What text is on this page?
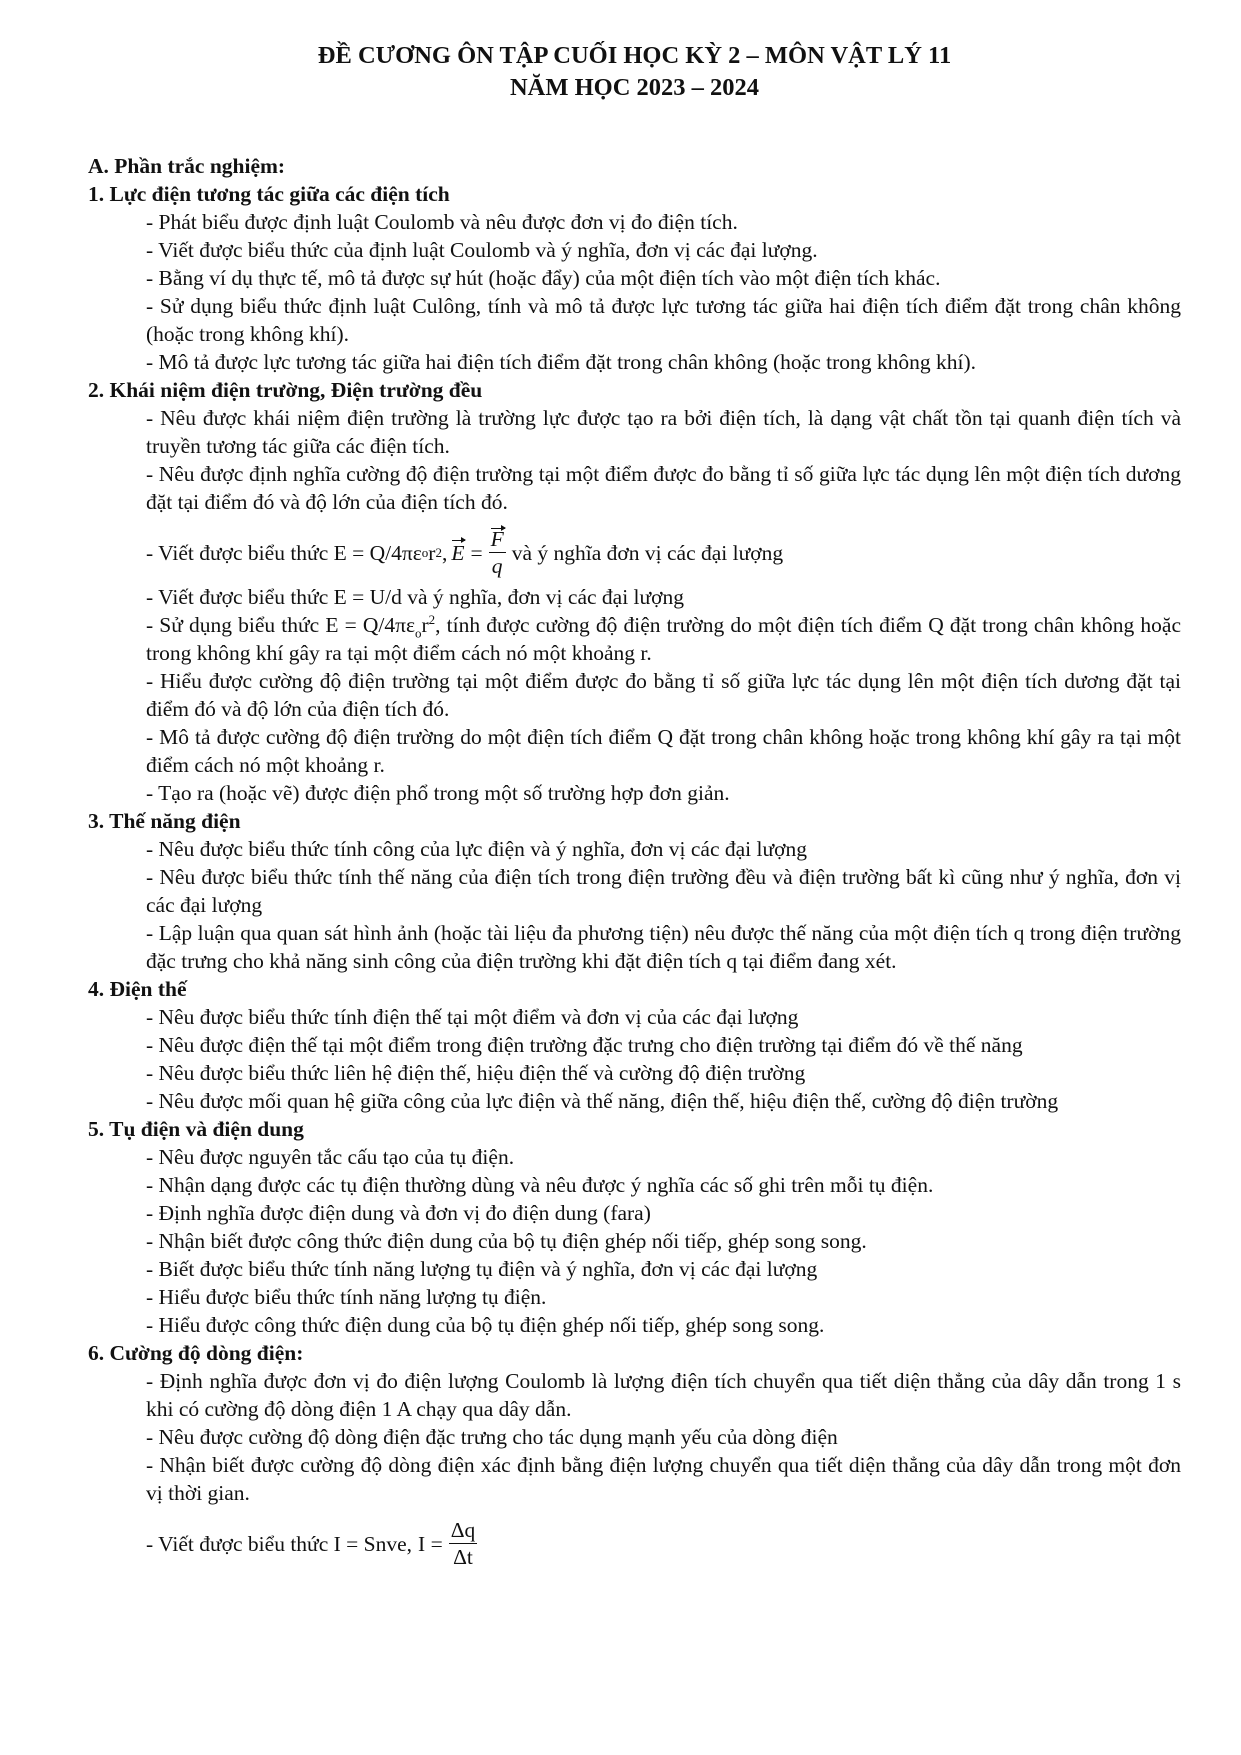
ĐỀ CƯƠNG ÔN TẬP CUỐI HỌC KỲ 2 – MÔN VẬT LÝ 11

NĂM HỌC 2023 – 2024

A. Phần trắc nghiệm:

1. Lực điện tương tác giữa các điện tích

- Phát biểu được định luật Coulomb và nêu được đơn vị đo điện tích.

- Viết được biểu thức của định luật Coulomb và ý nghĩa, đơn vị các đại lượng.

- Bằng ví dụ thực tế, mô tả được sự hút (hoặc đẩy) của một điện tích vào một điện tích khác.

- Sử dụng biểu thức định luật Culông, tính và mô tả được lực tương tác giữa hai điện tích điểm đặt trong chân không (hoặc trong không khí).

- Mô tả được lực tương tác giữa hai điện tích điểm đặt trong chân không (hoặc trong không khí).

2. Khái niệm điện trường, Điện trường đều

- Nêu được khái niệm điện trường là trường lực được tạo ra bởi điện tích, là dạng vật chất tồn tại quanh điện tích và truyền tương tác giữa các điện tích.

- Nêu được định nghĩa cường độ điện trường tại một điểm được đo bằng tỉ số giữa lực tác dụng lên một điện tích dương đặt tại điểm đó và độ lớn của điện tích đó.

- Viết được biểu thức E = Q/4πε o r 2 , $E = \frac{F}{q}$ và ý nghĩa đơn vị các đại lượng

- Viết được biểu thức E = U/d và ý nghĩa, đơn vị các đại lượng

- Sử dụng biểu thức $E = Q/4\pi\varepsilon_or^2$, tính được cường độ điện trường do một điện tích điểm Q đặt trong chân không hoặc trong không khí gây ra tại một điểm cách nó một khoảng r.

- Hiểu được cường độ điện trường tại một điểm được đo bằng tỉ số giữa lực tác dụng lên một điện tích dương đặt tại điểm đó và độ lớn của điện tích đó.

- Mô tả được cường độ điện trường do một điện tích điểm Q đặt trong chân không hoặc trong không khí gây ra tại một điểm cách nó một khoảng r.

- Tạo ra (hoặc vẽ) được điện phổ trong một số trường hợp đơn giản.

3. Thế năng điện

- Nêu được biểu thức tính công của lực điện và ý nghĩa, đơn vị các đại lượng

- Nêu được biểu thức tính thế năng của điện tích trong điện trường đều và điện trường bất kì cũng như ý nghĩa, đơn vị các đại lượng

- Lập luận qua quan sát hình ảnh (hoặc tài liệu đa phương tiện) nêu được thế năng của một điện tích q trong điện trường đặc trưng cho khả năng sinh công của điện trường khi đặt điện tích q tại điểm đang xét.

4. Điện thế

- Nêu được biểu thức tính điện thế tại một điểm và đơn vị của các đại lượng

- Nêu được điện thế tại một điểm trong điện trường đặc trưng cho điện trường tại điểm đó về thế năng

- Nêu được biểu thức liên hệ điện thế, hiệu điện thế và cường độ điện trường

- Nêu được mối quan hệ giữa công của lực điện và thế năng, điện thế, hiệu điện thế, cường độ điện trường

5. Tụ điện và điện dung

- Nêu được nguyên tắc cấu tạo của tụ điện.

- Nhận dạng được các tụ điện thường dùng và nêu được ý nghĩa các số ghi trên mỗi tụ điện.

- Định nghĩa được điện dung và đơn vị đo điện dung (fara)

- Nhận biết được công thức điện dung của bộ tụ điện ghép nối tiếp, ghép song song.

- Biết được biểu thức tính năng lượng tụ điện và ý nghĩa, đơn vị các đại lượng

- Hiểu được biểu thức tính năng lượng tụ điện.

- Hiểu được công thức điện dung của bộ tụ điện ghép nối tiếp, ghép song song.

6. Cường độ dòng điện:

- Định nghĩa được đơn vị đo điện lượng Coulomb là lượng điện tích chuyển qua tiết diện thẳng của dây dẫn trong 1 s khi có cường độ dòng điện 1 A chạy qua dây dẫn.

- Nêu được cường độ dòng điện đặc trưng cho tác dụng mạnh yếu của dòng điện

- Nhận biết được cường độ dòng điện xác định bằng điện lượng chuyển qua tiết diện thẳng của dây dẫn trong một đơn vị thời gian.

- Viết được biểu thức I = Snve, $I = \frac{\Delta q}{\Delta t}$
